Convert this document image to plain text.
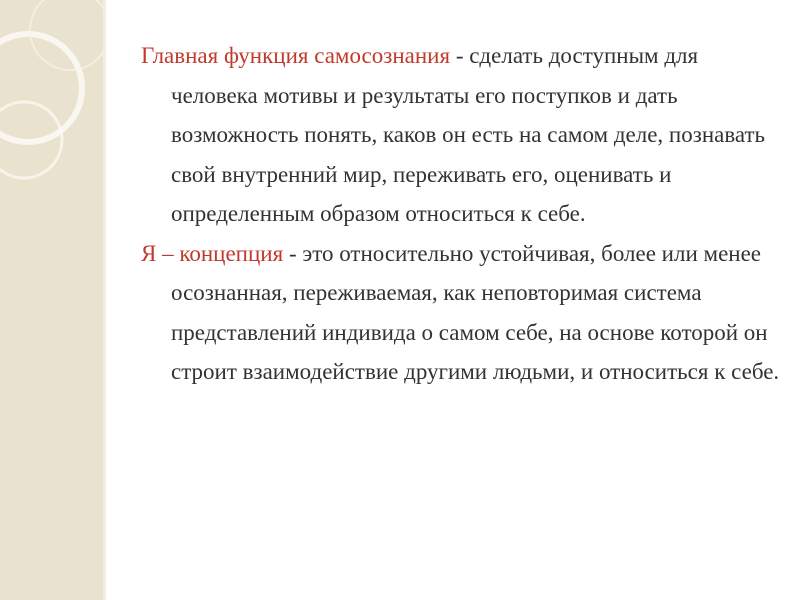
Главная функция самосознания - сделать доступным для человека мотивы и результаты его поступков и дать возможность понять, каков он есть на самом деле, познавать свой внутренний мир, переживать его, оценивать и определенным образом относиться к себе.

Я – концепция - это относительно устойчивая, более или менее осознанная, переживаемая, как неповторимая система представлений индивида о самом себе, на основе которой он строит взаимодействие другими людьми, и относиться к себе.
